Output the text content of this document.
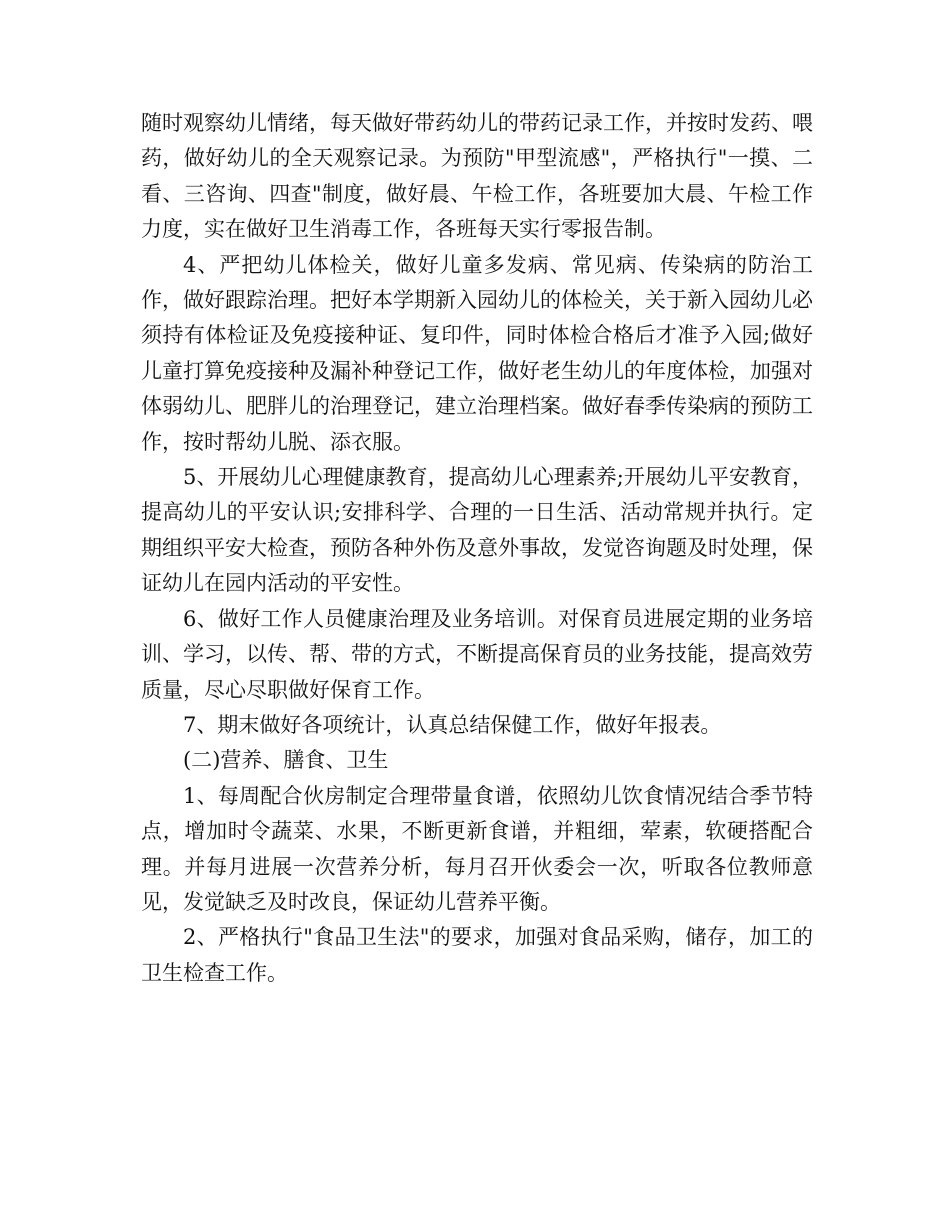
随时观察幼儿情绪，每天做好带药幼儿的带药记录工作，并按时发药、喂药，做好幼儿的全天观察记录。为预防"甲型流感"，严格执行"一摸、二看、三咨询、四查"制度，做好晨、午检工作，各班要加大晨、午检工作力度，实在做好卫生消毒工作，各班每天实行零报告制。

4、严把幼儿体检关，做好儿童多发病、常见病、传染病的防治工作，做好跟踪治理。把好本学期新入园幼儿的体检关，关于新入园幼儿必须持有体检证及免疫接种证、复印件，同时体检合格后才准予入园;做好儿童打算免疫接种及漏补种登记工作，做好老生幼儿的年度体检，加强对体弱幼儿、肥胖儿的治理登记，建立治理档案。做好春季传染病的预防工作，按时帮幼儿脱、添衣服。

5、开展幼儿心理健康教育，提高幼儿心理素养;开展幼儿平安教育，提高幼儿的平安认识;安排科学、合理的一日生活、活动常规并执行。定期组织平安大检查，预防各种外伤及意外事故，发觉咨询题及时处理，保证幼儿在园内活动的平安性。

6、做好工作人员健康治理及业务培训。对保育员进展定期的业务培训、学习，以传、帮、带的方式，不断提高保育员的业务技能，提高效劳质量，尽心尽职做好保育工作。

7、期末做好各项统计，认真总结保健工作，做好年报表。

(二)营养、膳食、卫生

1、每周配合伙房制定合理带量食谱，依照幼儿饮食情况结合季节特点，增加时令蔬菜、水果，不断更新食谱，并粗细，荤素，软硬搭配合理。并每月进展一次营养分析，每月召开伙委会一次，听取各位教师意见，发觉缺乏及时改良，保证幼儿营养平衡。

2、严格执行"食品卫生法"的要求，加强对食品采购，储存，加工的卫生检查工作。
